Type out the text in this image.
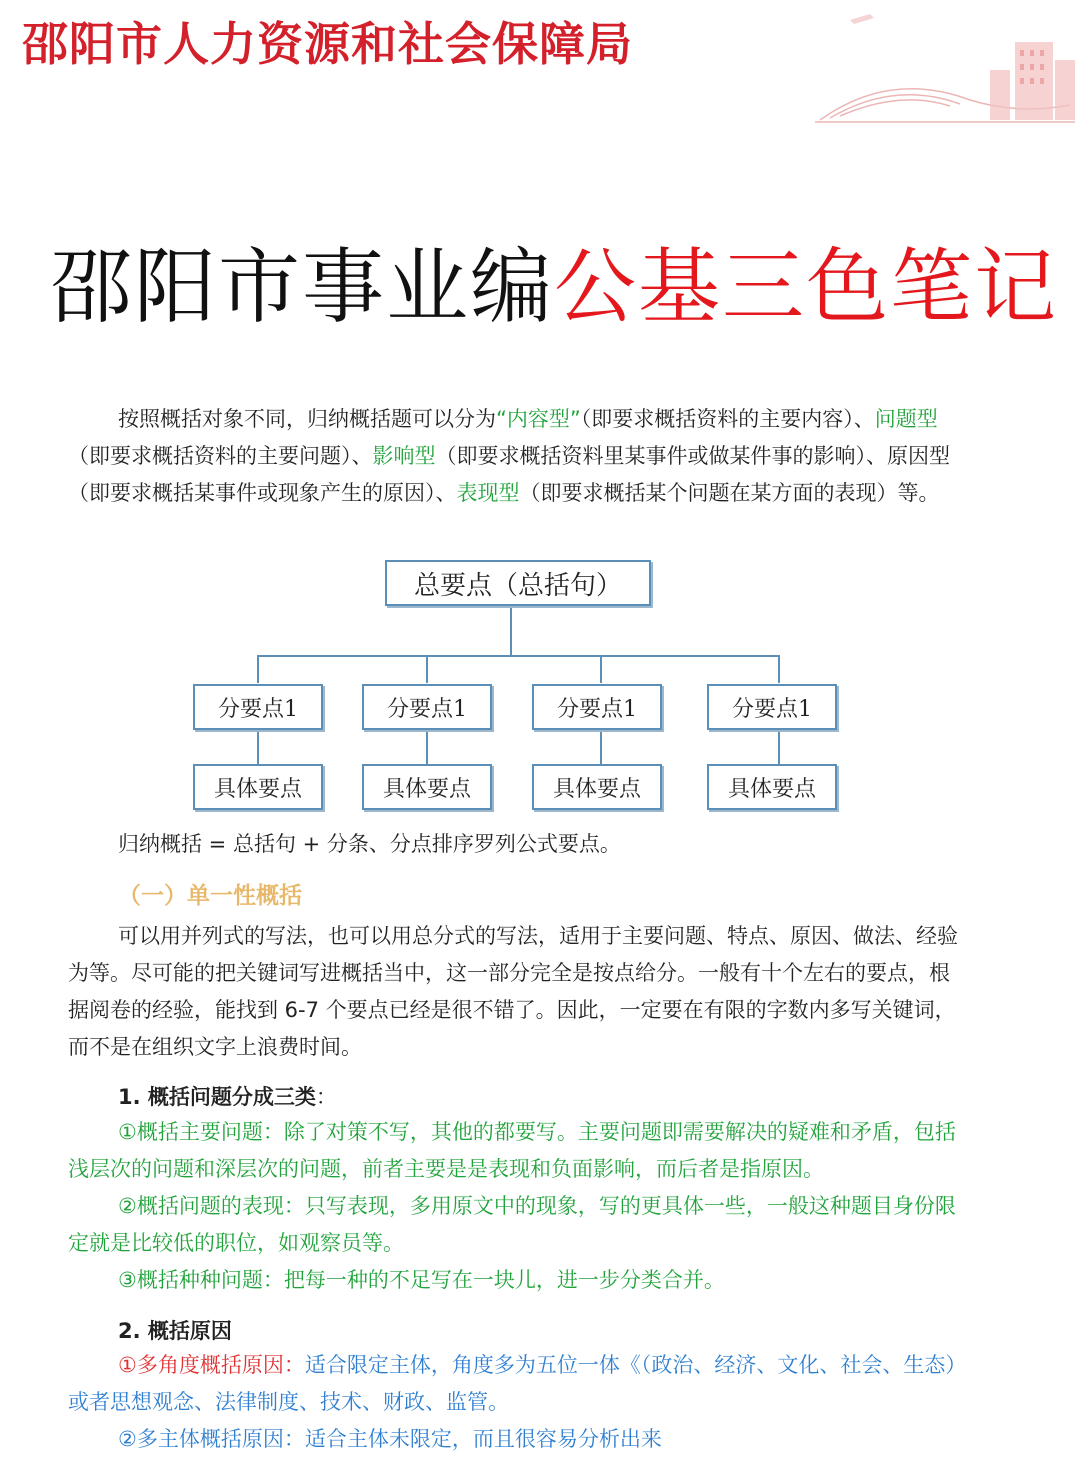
邵阳市人力资源和社会保障局
邵阳市事业编公基三色笔记

按照概括对象不同，归纳概括题可以分为“内容型”（即要求概括资料的主要内容）、问题型（即要求概括资料的主要问题）、影响型（即要求概括资料里某事件或做某件事的影响）、原因型（即要求概括某事件或现象产生的原因）、表现型（即要求概括某个问题在某方面的表现）等。

总要点（总括句）
分要点1	分要点1	分要点1	分要点1
具体要点	具体要点	具体要点	具体要点

归纳概括 = 总括句 + 分条、分点排序罗列公式要点。

（一）单一性概括

可以用并列式的写法，也可以用总分式的写法，适用于主要问题、特点、原因、做法、经验为等。尽可能的把关键词写进概括当中，这一部分完全是按点给分。一般有十个左右的要点，根据阅卷的经验，能找到 6-7 个要点已经是很不错了。因此，一定要在有限的字数内多写关键词，而不是在组织文字上浪费时间。

1. 概括问题分成三类：

①概括主要问题：除了对策不写，其他的都要写。主要问题即需要解决的疑难和矛盾，包括浅层次的问题和深层次的问题，前者主要是是表现和负面影响，而后者是指原因。

②概括问题的表现：只写表现，多用原文中的现象，写的更具体一些，一般这种题目身份限定就是比较低的职位，如观察员等。

③概括种种问题：把每一种的不足写在一块儿，进一步分类合并。

2. 概括原因

①多角度概括原因：适合限定主体，角度多为五位一体《（政治、经济、文化、社会、生态）或者思想观念、法律制度、技术、财政、监管。

②多主体概括原因：适合主体未限定，而且很容易分析出来
